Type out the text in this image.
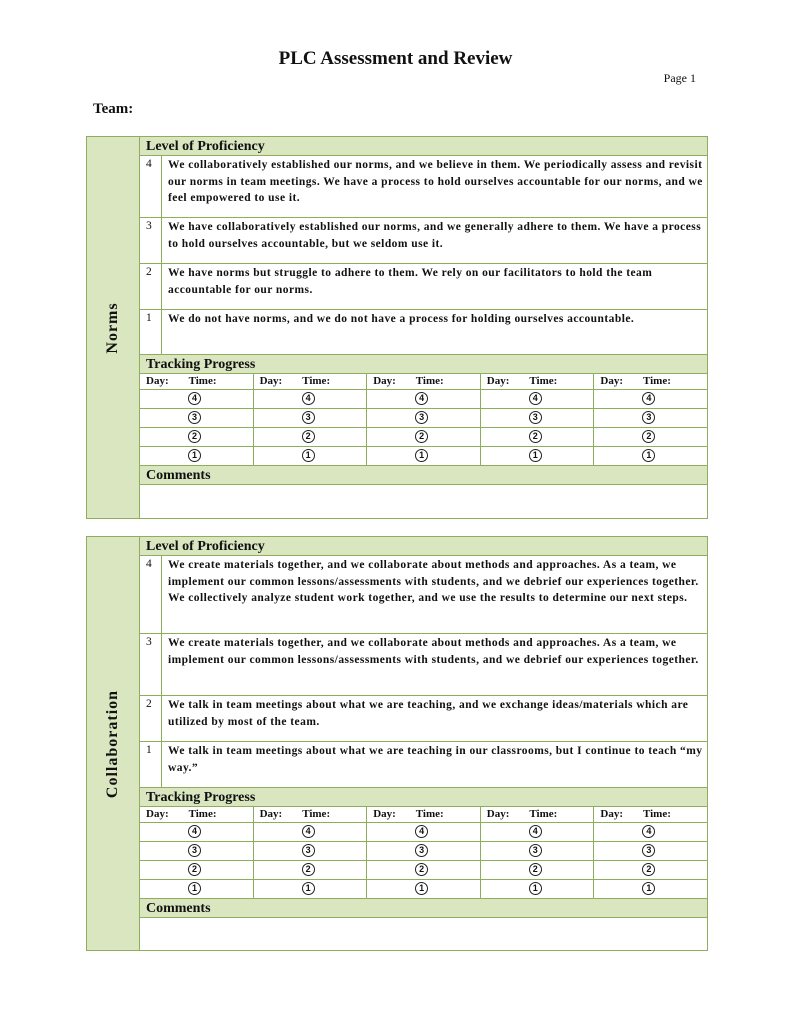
PLC Assessment and Review
Page 1
Team:
Norms
Level of Proficiency
4	We collaboratively established our norms, and we believe in them. We periodically assess and revisit our norms in team meetings. We have a process to hold ourselves accountable for our norms, and we feel empowered to use it.
3	We have collaboratively established our norms, and we generally adhere to them. We have a process to hold ourselves accountable, but we seldom use it.
2	We have norms but struggle to adhere to them. We rely on our facilitators to hold the team accountable for our norms.
1	We do not have norms, and we do not have a process for holding ourselves accountable.
Tracking Progress
Day: Time:	Day: Time:	Day: Time:	Day: Time:	Day: Time:
4	4	4	4	4
3	3	3	3	3
2	2	2	2	2
1	1	1	1	1
Comments
Collaboration
Level of Proficiency
4	We create materials together, and we collaborate about methods and approaches. As a team, we implement our common lessons/assessments with students, and we debrief our experiences together. We collectively analyze student work together, and we use the results to determine our next steps.
3	We create materials together, and we collaborate about methods and approaches. As a team, we implement our common lessons/assessments with students, and we debrief our experiences together.
2	We talk in team meetings about what we are teaching, and we exchange ideas/materials which are utilized by most of the team.
1	We talk in team meetings about what we are teaching in our classrooms, but I continue to teach “my way.”
Tracking Progress
Day: Time:	Day: Time:	Day: Time:	Day: Time:	Day: Time:
4	4	4	4	4
3	3	3	3	3
2	2	2	2	2
1	1	1	1	1
Comments
